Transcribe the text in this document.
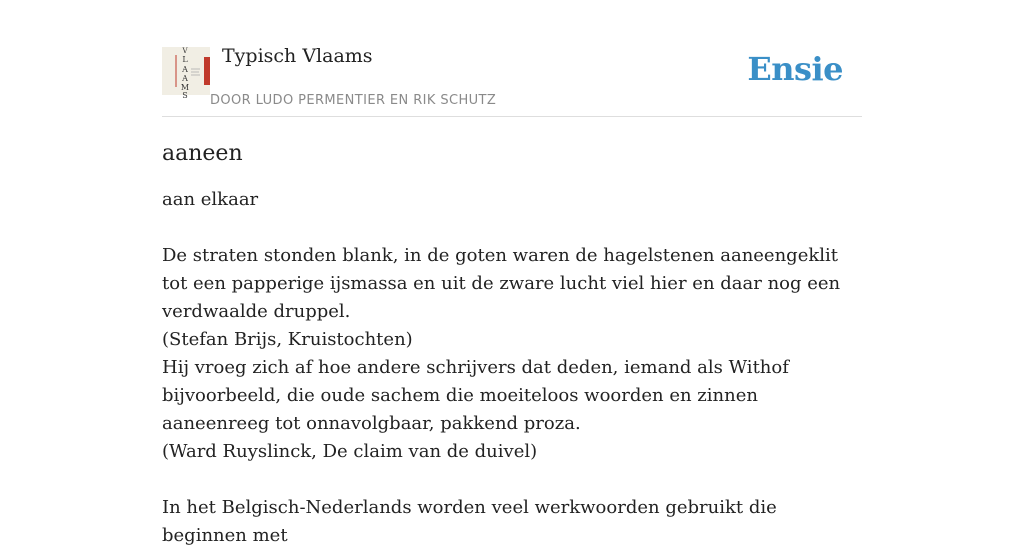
V
L
A
A
M
S
Typisch Vlaams
DOOR LUDO PERMENTIER EN RIK SCHUTZ
Ensie
aaneen

aan elkaar

De straten stonden blank, in de goten waren de hagelstenen aaneengeklit tot een papperige ijsmassa en uit de zware lucht viel hier en daar nog een verdwaalde druppel.

(Stefan Brijs, Kruistochten)

Hij vroeg zich af hoe andere schrijvers dat deden, iemand als Withof bijvoorbeeld, die oude sachem die moeiteloos woorden en zinnen aaneenreeg tot onnavolgbaar, pakkend proza.

(Ward Ruyslinck, De claim van de duivel)

In het Belgisch-Nederlands worden veel werkwoorden gebruikt die beginnen met
